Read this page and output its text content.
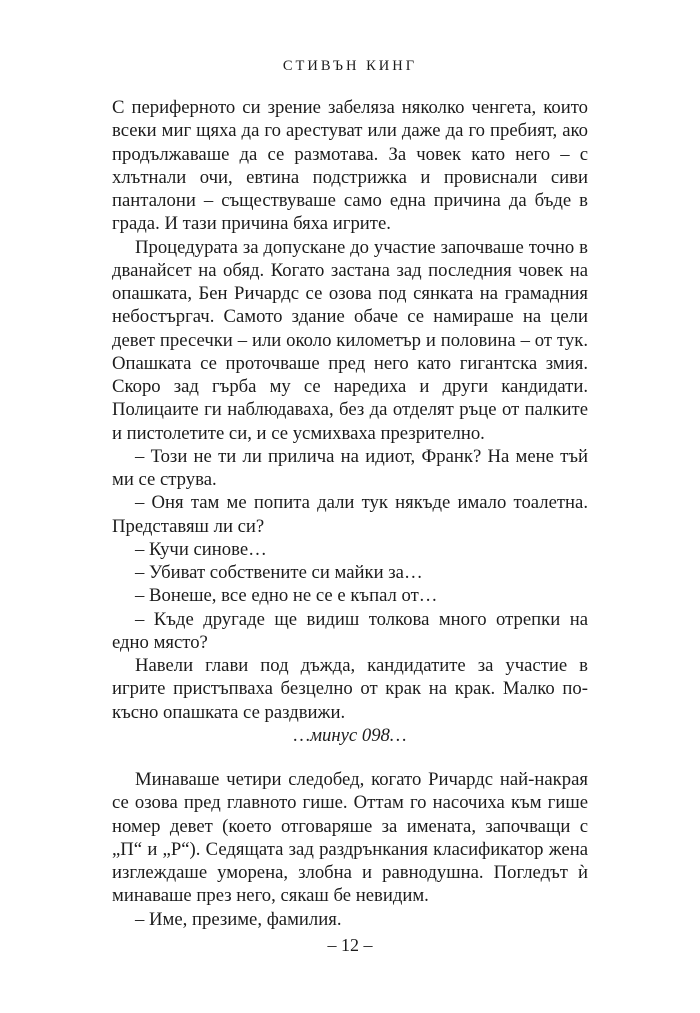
СТИВЪН КИНГ

С периферното си зрение забеляза няколко ченгета, които всеки миг щяха да го арестуват или даже да го пребият, ако продължаваше да се размотава. За човек като него – с хлътнали очи, евтина подстрижка и провиснали сиви панталони – съществуваше само една причина да бъде в града. И тази причина бяха игрите.

Процедурата за допускане до участие започваше точно в дванайсет на обяд. Когато застана зад последния човек на опашката, Бен Ричардс се озова под сянката на грамадния небостъргач. Самото здание обаче се намираше на цели девет пресечки – или около километър и половина – от тук. Опашката се проточваше пред него като гигантска змия. Скоро зад гърба му се наредиха и други кандидати. Полицаите ги наблюдаваха, без да отделят ръце от палките и пистолетите си, и се усмихваха презрително.

– Този не ти ли прилича на идиот, Франк? На мене тъй ми се струва.

– Оня там ме попита дали тук някъде имало тоалетна. Представяш ли си?

– Кучи синове…

– Убиват собствените си майки за…

– Вонеше, все едно не се е къпал от…

– Къде другаде ще видиш толкова много отрепки на едно място?

Навели глави под дъжда, кандидатите за участие в игрите пристъпваха безцелно от крак на крак. Малко по-късно опашката се раздвижи.

…минус 098…

Минаваше четири следобед, когато Ричардс най-накрая се озова пред главното гише. Оттам го насочиха към гише номер девет (което отговаряше за имената, започващи с „П“ и „Р“). Седящата зад раздрънкания класификатор жена изглеждаше уморена, злобна и равнодушна. Погледът ѝ минаваше през него, сякаш бе невидим.

– Име, презиме, фамилия.

– 12 –
